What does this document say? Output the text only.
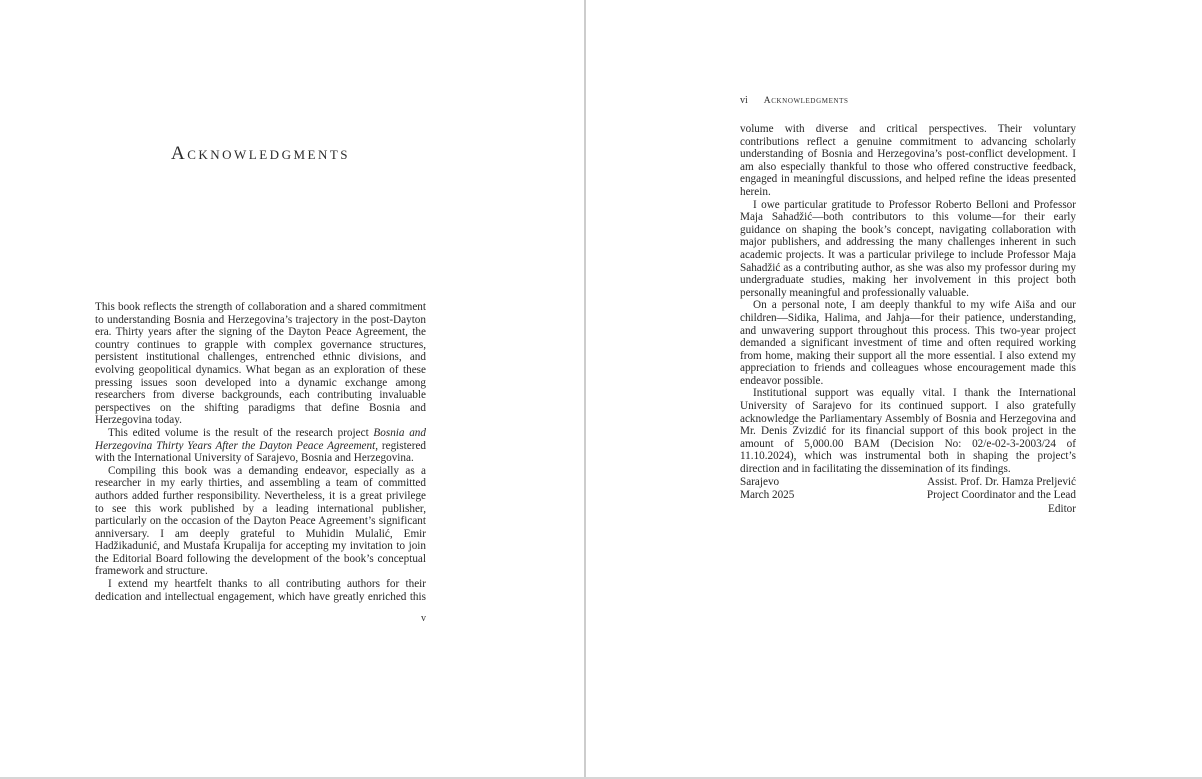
Acknowledgments

This book reflects the strength of collaboration and a shared commitment to understanding Bosnia and Herzegovina’s trajectory in the post-Dayton era. Thirty years after the signing of the Dayton Peace Agreement, the country continues to grapple with complex governance structures, persistent institutional challenges, entrenched ethnic divisions, and evolving geopolitical dynamics. What began as an exploration of these pressing issues soon developed into a dynamic exchange among researchers from diverse backgrounds, each contributing invaluable perspectives on the shifting paradigms that define Bosnia and Herzegovina today.

This edited volume is the result of the research project Bosnia and Herzegovina Thirty Years After the Dayton Peace Agreement, registered with the International University of Sarajevo, Bosnia and Herzegovina.

Compiling this book was a demanding endeavor, especially as a researcher in my early thirties, and assembling a team of committed authors added further responsibility. Nevertheless, it is a great privilege to see this work published by a leading international publisher, particularly on the occasion of the Dayton Peace Agreement’s significant anniversary. I am deeply grateful to Muhidin Mulalić, Emir Hadžikadunić, and Mustafa Krupalija for accepting my invitation to join the Editorial Board following the development of the book’s conceptual framework and structure.

I extend my heartfelt thanks to all contributing authors for their dedication and intellectual engagement, which have greatly enriched this

v
vi Acknowledgments

volume with diverse and critical perspectives. Their voluntary contributions reflect a genuine commitment to advancing scholarly understanding of Bosnia and Herzegovina’s post-conflict development. I am also especially thankful to those who offered constructive feedback, engaged in meaningful discussions, and helped refine the ideas presented herein.

I owe particular gratitude to Professor Roberto Belloni and Professor Maja Sahadžić—both contributors to this volume—for their early guidance on shaping the book’s concept, navigating collaboration with major publishers, and addressing the many challenges inherent in such academic projects. It was a particular privilege to include Professor Maja Sahadžić as a contributing author, as she was also my professor during my undergraduate studies, making her involvement in this project both personally meaningful and professionally valuable.

On a personal note, I am deeply thankful to my wife Aiša and our children—Sidika, Halima, and Jahja—for their patience, understanding, and unwavering support throughout this process. This two-year project demanded a significant investment of time and often required working from home, making their support all the more essential. I also extend my appreciation to friends and colleagues whose encouragement made this endeavor possible.

Institutional support was equally vital. I thank the International University of Sarajevo for its continued support. I also gratefully acknowledge the Parliamentary Assembly of Bosnia and Herzegovina and Mr. Denis Zvizdić for its financial support of this book project in the amount of 5,000.00 BAM (Decision No: 02/e-02-3-2003/24 of 11.10.2024), which was instrumental both in shaping the project’s direction and in facilitating the dissemination of its findings.

Sarajevo
March 2025
Assist. Prof. Dr. Hamza Preljević
Project Coordinator and the Lead
Editor
